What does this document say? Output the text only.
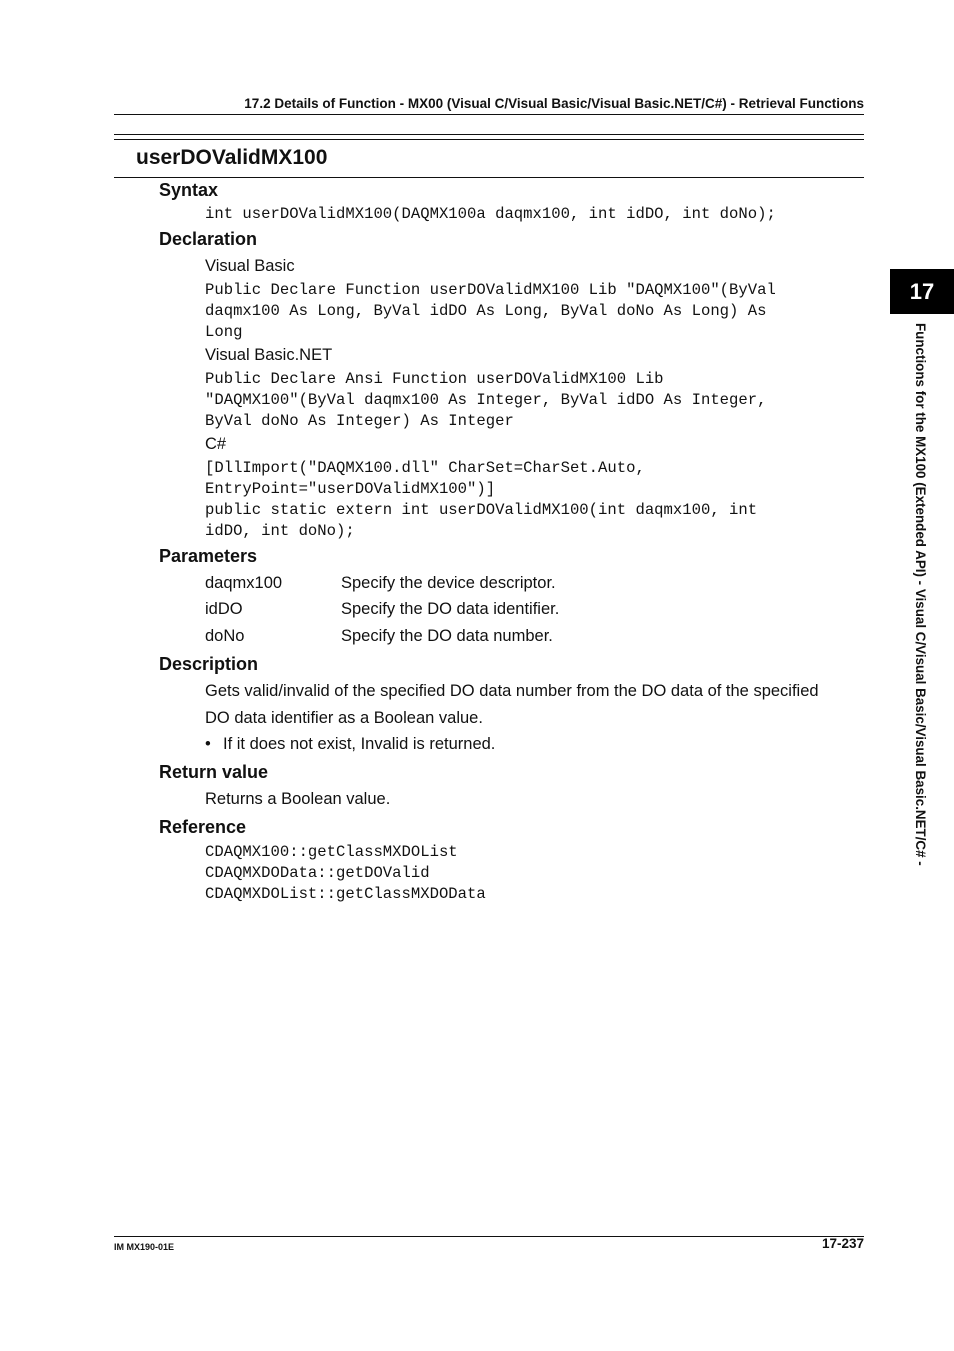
17.2 Details of Function - MX00 (Visual C/Visual Basic/Visual Basic.NET/C#) - Retrieval Functions
userDOValidMX100
Syntax
int userDOValidMX100(DAQMX100a daqmx100, int idDO, int doNo);
Declaration
Visual Basic
Public Declare Function userDOValidMX100 Lib "DAQMX100"(ByVal
daqmx100 As Long, ByVal idDO As Long, ByVal doNo As Long) As
Long
Visual Basic.NET
Public Declare Ansi Function userDOValidMX100 Lib
"DAQMX100"(ByVal daqmx100 As Integer, ByVal idDO As Integer,
ByVal doNo As Integer) As Integer
C#
[DllImport("DAQMX100.dll" CharSet=CharSet.Auto,
EntryPoint="userDOValidMX100")]
public static extern int userDOValidMX100(int daqmx100, int
idDO, int doNo);
Parameters
daqmx100	Specify the device descriptor.
idDO	Specify the DO data identifier.
doNo	Specify the DO data number.
Description
Gets valid/invalid of the specified DO data number from the DO data of the specified
DO data identifier as a Boolean value.
• If it does not exist, Invalid is returned.
Return value
Returns a Boolean value.
Reference
CDAQMX100::getClassMXDOList
CDAQMXDOData::getDOValid
CDAQMXDOList::getClassMXDOData
17
Functions for the MX100 (Extended API) - Visual C/Visual Basic/Visual Basic.NET/C# -
IM MX190-01E	17-237
